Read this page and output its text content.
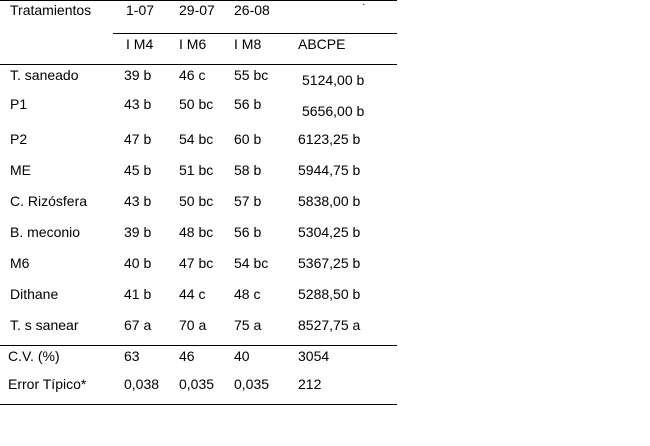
Tratamientos 1-07 29-07 26-08	·
I M4 I M6 I M8	ABCPE
T. saneado	39 b 46 c 55 bc 5124,00 b
P1	43 b 50 bc 56 b	5656,00 b
P2	47 b 54 bc 60 b	6123,25 b
ME	45 b 51 bc 58 b	5944,75 b
C. Rizósfera	43 b 50 bc 57 b	5838,00 b
B. meconio	39 b 48 bc 56 b	5304,25 b
M6	40 b 47 bc 54 bc 5367,25 b
Dithane	41 b 44 c 48 c	5288,50 b
T. s sanear	67 a 70 a 75 a	8527,75 a
C.V. (%)	63	46	40	3054
Error Típico*	0,038 0,035 0,035 212
